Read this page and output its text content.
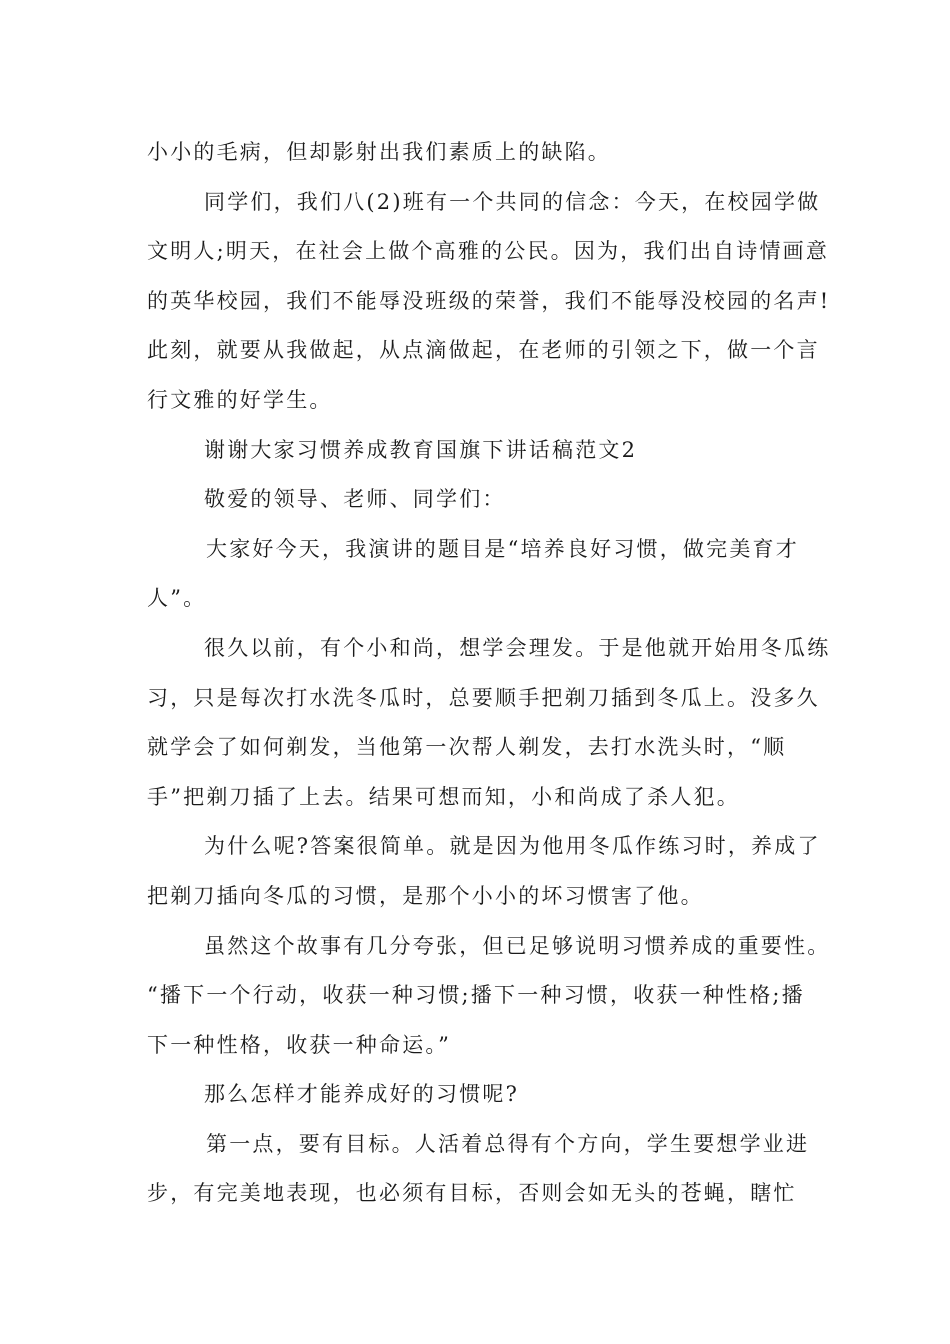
小小的毛病，但却影射出我们素质上的缺陷。
同学们，我们八(2)班有一个共同的信念：今天，在校园学做
文明人;明天，在社会上做个高雅的公民。因为，我们出自诗情画意
的英华校园，我们不能辱没班级的荣誉，我们不能辱没校园的名声!
此刻，就要从我做起，从点滴做起，在老师的引领之下，做一个言
行文雅的好学生。
谢谢大家习惯养成教育国旗下讲话稿范文2
敬爱的领导、老师、同学们：
大家好今天，我演讲的题目是“培养良好习惯，做完美育才
人”。
很久以前，有个小和尚，想学会理发。于是他就开始用冬瓜练
习，只是每次打水洗冬瓜时，总要顺手把剃刀插到冬瓜上。没多久
就学会了如何剃发，当他第一次帮人剃发，去打水洗头时，“顺
手”把剃刀插了上去。结果可想而知，小和尚成了杀人犯。
为什么呢?答案很简单。就是因为他用冬瓜作练习时，养成了
把剃刀插向冬瓜的习惯，是那个小小的坏习惯害了他。
虽然这个故事有几分夸张，但已足够说明习惯养成的重要性。
“播下一个行动，收获一种习惯;播下一种习惯，收获一种性格;播
下一种性格，收获一种命运。”
那么怎样才能养成好的习惯呢?
第一点，要有目标。人活着总得有个方向，学生要想学业进
步，有完美地表现，也必须有目标，否则会如无头的苍蝇，瞎忙
